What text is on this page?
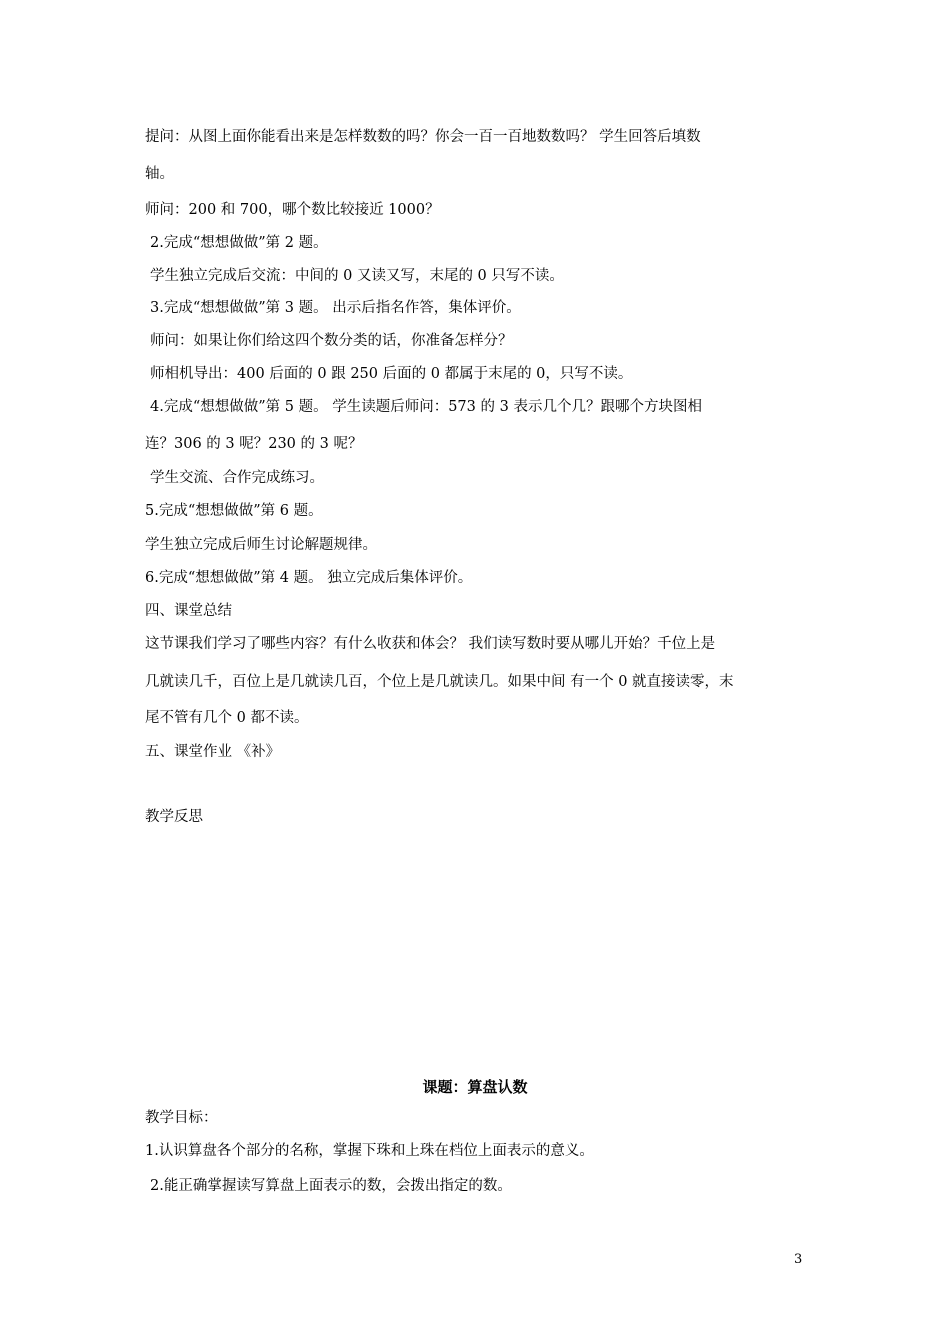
提问：从图上面你能看出来是怎样数数的吗？你会一百一百地数数吗？ 学生回答后填数
轴。
师问：200 和 700，哪个数比较接近 1000？
2.完成“想想做做”第 2 题。
学生独立完成后交流：中间的 0 又读又写，末尾的 0 只写不读。
3.完成“想想做做”第 3 题。 出示后指名作答，集体评价。
师问：如果让你们给这四个数分类的话，你准备怎样分？
师相机导出：400 后面的 0 跟 250 后面的 0 都属于末尾的 0，只写不读。
4.完成“想想做做”第 5 题。 学生读题后师问：573 的 3 表示几个几？跟哪个方块图相
连？306 的 3 呢？230 的 3 呢？
学生交流、合作完成练习。
5.完成“想想做做”第 6 题。
学生独立完成后师生讨论解题规律。
6.完成“想想做做”第 4 题。 独立完成后集体评价。
四、课堂总结
这节课我们学习了哪些内容？有什么收获和体会？ 我们读写数时要从哪儿开始？千位上是
几就读几千，百位上是几就读几百，个位上是几就读几。如果中间 有一个 0 就直接读零，末
尾不管有几个 0 都不读。
五、课堂作业 《补》
教学反思
课题：算盘认数
教学目标：
1.认识算盘各个部分的名称，掌握下珠和上珠在档位上面表示的意义。
2.能正确掌握读写算盘上面表示的数，会拨出指定的数。
3
